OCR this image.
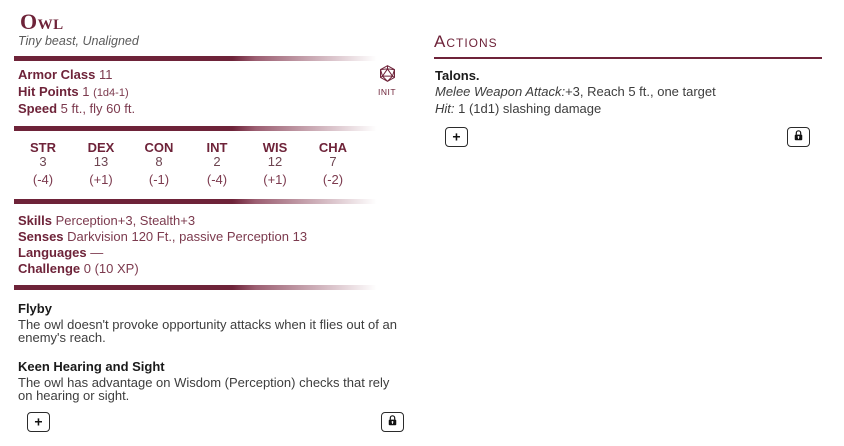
Owl
Tiny beast, Unaligned
Armor Class 11
Hit Points 1 (1d4-1)
Speed 5 ft., fly 60 ft.
INIT
STR
3
(-4)
DEX
13
(+1)
CON
8
(-1)
INT
2
(-4)
WIS
12
(+1)
CHA
7
(-2)
Skills Perception+3, Stealth+3
Senses Darkvision 120 Ft., passive Perception 13
Languages —
Challenge 0 (10 XP)
Flyby
The owl doesn't provoke opportunity attacks when it flies out of an enemy's reach.
Keen Hearing and Sight
The owl has advantage on Wisdom (Perception) checks that rely on hearing or sight.
+
Actions
Talons.
Melee Weapon Attack:+3, Reach 5 ft., one target
Hit: 1 (1d1) slashing damage
+
